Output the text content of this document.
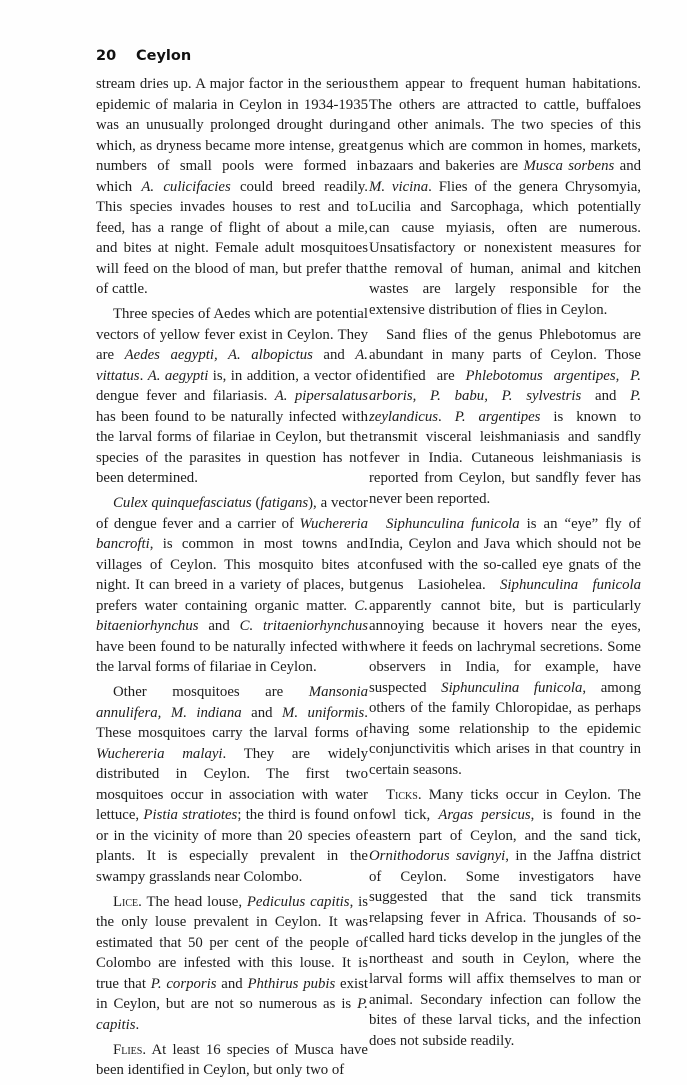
20 Ceylon

stream dries up. A major factor in the serious epidemic of malaria in Ceylon in 1934-1935 was an unusually prolonged drought during which, as dryness became more intense, great numbers of small pools were formed in which A. culicifacies could breed readily. This species invades houses to rest and to feed, has a range of flight of about a mile, and bites at night. Female adult mosquitoes will feed on the blood of man, but prefer that of cattle.

Three species of Aedes which are potential vectors of yellow fever exist in Ceylon. They are Aedes aegypti, A. albopictus and A. vittatus. A. aegypti is, in addition, a vector of dengue fever and filariasis. A. pipersalatus has been found to be naturally infected with the larval forms of filariae in Ceylon, but the species of the parasites in question has not been determined.

Culex quinquefasciatus (fatigans), a vector of dengue fever and a carrier of Wuchereria bancrofti, is common in most towns and villages of Ceylon. This mosquito bites at night. It can breed in a variety of places, but prefers water containing organic matter. C. bitaeniorhynchus and C. tritaeniorhynchus have been found to be naturally infected with the larval forms of filariae in Ceylon.

Other mosquitoes are Mansonia annulifera, M. indiana and M. uniformis. These mosquitoes carry the larval forms of Wuchereria malayi. They are widely distributed in Ceylon. The first two mosquitoes occur in association with water lettuce, Pistia stratiotes; the third is found on or in the vicinity of more than 20 species of plants. It is especially prevalent in the swampy grasslands near Colombo.

Lice. The head louse, Pediculus capitis, is the only louse prevalent in Ceylon. It was estimated that 50 per cent of the people of Colombo are infested with this louse. It is true that P. corporis and Phthirus pubis exist in Ceylon, but are not so numerous as is P. capitis.

Flies. At least 16 species of Musca have been identified in Ceylon, but only two of

them appear to frequent human habitations. The others are attracted to cattle, buffaloes and other animals. The two species of this genus which are common in homes, markets, bazaars and bakeries are Musca sorbens and M. vicina. Flies of the genera Chrysomyia, Lucilia and Sarcophaga, which potentially can cause myiasis, often are numerous. Unsatisfactory or nonexistent measures for the removal of human, animal and kitchen wastes are largely responsible for the extensive distribution of flies in Ceylon.

Sand flies of the genus Phlebotomus are abundant in many parts of Ceylon. Those identified are Phlebotomus argentipes, P. arboris, P. babu, P. sylvestris and P. zeylandicus. P. argentipes is known to transmit visceral leishmaniasis and sandfly fever in India. Cutaneous leishmaniasis is reported from Ceylon, but sandfly fever has never been reported.

Siphunculina funicola is an “eye” fly of India, Ceylon and Java which should not be confused with the so-called eye gnats of the genus Lasiohelea. Siphunculina funicola apparently cannot bite, but is particularly annoying because it hovers near the eyes, where it feeds on lachrymal secretions. Some observers in India, for example, have suspected Siphunculina funicola, among others of the family Chloropidae, as perhaps having some relationship to the epidemic conjunctivitis which arises in that country in certain seasons.

Ticks. Many ticks occur in Ceylon. The fowl tick, Argas persicus, is found in the eastern part of Ceylon, and the sand tick, Ornithodorus savignyi, in the Jaffna district of Ceylon. Some investigators have suggested that the sand tick transmits relapsing fever in Africa. Thousands of so-called hard ticks develop in the jungles of the northeast and south in Ceylon, where the larval forms will affix themselves to man or animal. Secondary infection can follow the bites of these larval ticks, and the infection does not subside readily.
